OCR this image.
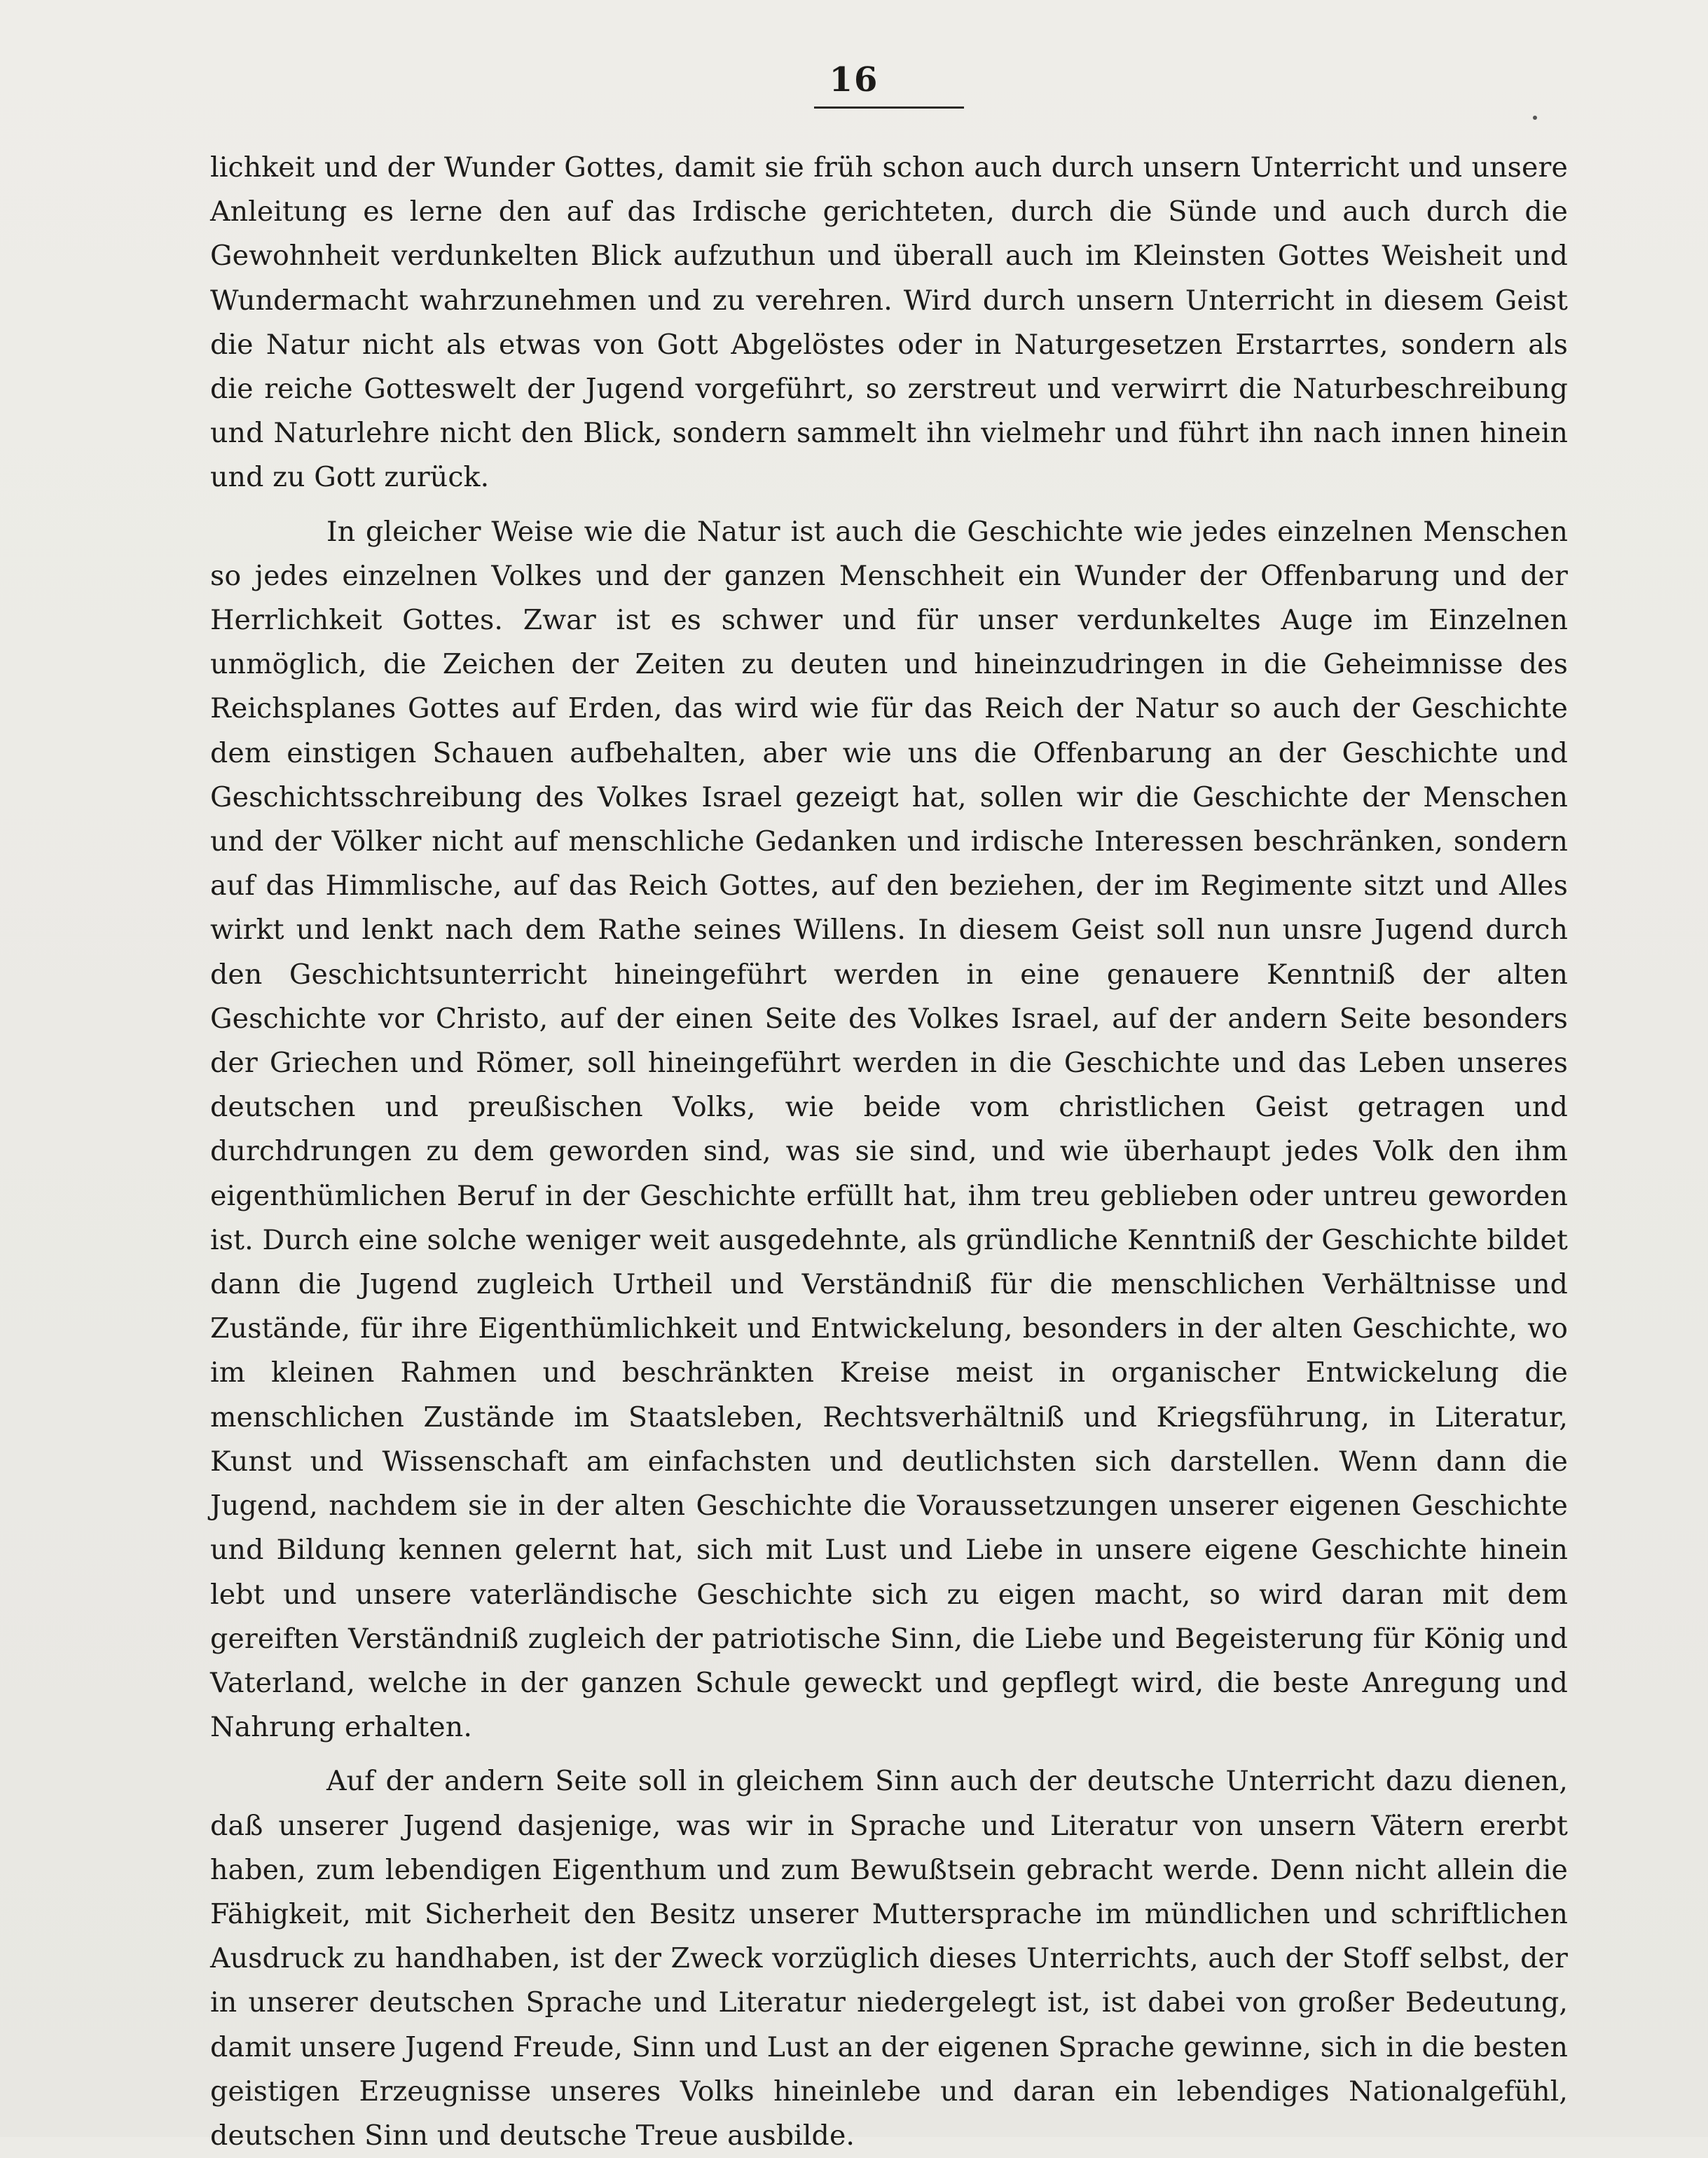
16

lichkeit und der Wunder Gottes, damit sie früh schon auch durch unsern Unterricht und unsere Anleitung es lerne den auf das Irdische gerichteten, durch die Sünde und auch durch die Gewohnheit verdunkelten Blick aufzuthun und überall auch im Kleinsten Gottes Weisheit und Wundermacht wahrzunehmen und zu verehren. Wird durch unsern Unterricht in diesem Geist die Natur nicht als etwas von Gott Abgelöstes oder in Naturgesetzen Erstarrtes, sondern als die reiche Gotteswelt der Jugend vorgeführt, so zerstreut und verwirrt die Naturbeschreibung und Naturlehre nicht den Blick, sondern sammelt ihn vielmehr und führt ihn nach innen hinein und zu Gott zurück.

In gleicher Weise wie die Natur ist auch die Geschichte wie jedes einzelnen Menschen so jedes einzelnen Volkes und der ganzen Menschheit ein Wunder der Offenbarung und der Herrlichkeit Gottes. Zwar ist es schwer und für unser verdunkeltes Auge im Einzelnen unmöglich, die Zeichen der Zeiten zu deuten und hineinzudringen in die Geheimnisse des Reichsplanes Gottes auf Erden, das wird wie für das Reich der Natur so auch der Geschichte dem einstigen Schauen aufbehalten, aber wie uns die Offenbarung an der Geschichte und Geschichtsschreibung des Volkes Israel gezeigt hat, sollen wir die Geschichte der Menschen und der Völker nicht auf menschliche Gedanken und irdische Interessen beschränken, sondern auf das Himmlische, auf das Reich Gottes, auf den beziehen, der im Regimente sitzt und Alles wirkt und lenkt nach dem Rathe seines Willens. In diesem Geist soll nun unsre Jugend durch den Geschichtsunterricht hineingeführt werden in eine genauere Kenntniß der alten Geschichte vor Christo, auf der einen Seite des Volkes Israel, auf der andern Seite besonders der Griechen und Römer, soll hineingeführt werden in die Geschichte und das Leben unseres deutschen und preußischen Volks, wie beide vom christlichen Geist getragen und durchdrungen zu dem geworden sind, was sie sind, und wie überhaupt jedes Volk den ihm eigenthümlichen Beruf in der Geschichte erfüllt hat, ihm treu geblieben oder untreu geworden ist. Durch eine solche weniger weit ausgedehnte, als gründliche Kenntniß der Geschichte bildet dann die Jugend zugleich Urtheil und Verständniß für die menschlichen Verhältnisse und Zustände, für ihre Eigenthümlichkeit und Entwickelung, besonders in der alten Geschichte, wo im kleinen Rahmen und beschränkten Kreise meist in organischer Entwickelung die menschlichen Zustände im Staatsleben, Rechtsverhältniß und Kriegsführung, in Literatur, Kunst und Wissenschaft am einfachsten und deutlichsten sich darstellen. Wenn dann die Jugend, nachdem sie in der alten Geschichte die Voraussetzungen unserer eigenen Geschichte und Bildung kennen gelernt hat, sich mit Lust und Liebe in unsere eigene Geschichte hinein lebt und unsere vaterländische Geschichte sich zu eigen macht, so wird daran mit dem gereiften Verständniß zugleich der patriotische Sinn, die Liebe und Begeisterung für König und Vaterland, welche in der ganzen Schule geweckt und gepflegt wird, die beste Anregung und Nahrung erhalten.

Auf der andern Seite soll in gleichem Sinn auch der deutsche Unterricht dazu dienen, daß unserer Jugend dasjenige, was wir in Sprache und Literatur von unsern Vätern ererbt haben, zum lebendigen Eigenthum und zum Bewußtsein gebracht werde. Denn nicht allein die Fähigkeit, mit Sicherheit den Besitz unserer Muttersprache im mündlichen und schriftlichen Ausdruck zu handhaben, ist der Zweck vorzüglich dieses Unterrichts, auch der Stoff selbst, der in unserer deutschen Sprache und Literatur niedergelegt ist, ist dabei von großer Bedeutung, damit unsere Jugend Freude, Sinn und Lust an der eigenen Sprache gewinne, sich in die besten geistigen Erzeugnisse unseres Volks hineinlebe und daran ein lebendiges Nationalgefühl, deutschen Sinn und deutsche Treue ausbilde.
